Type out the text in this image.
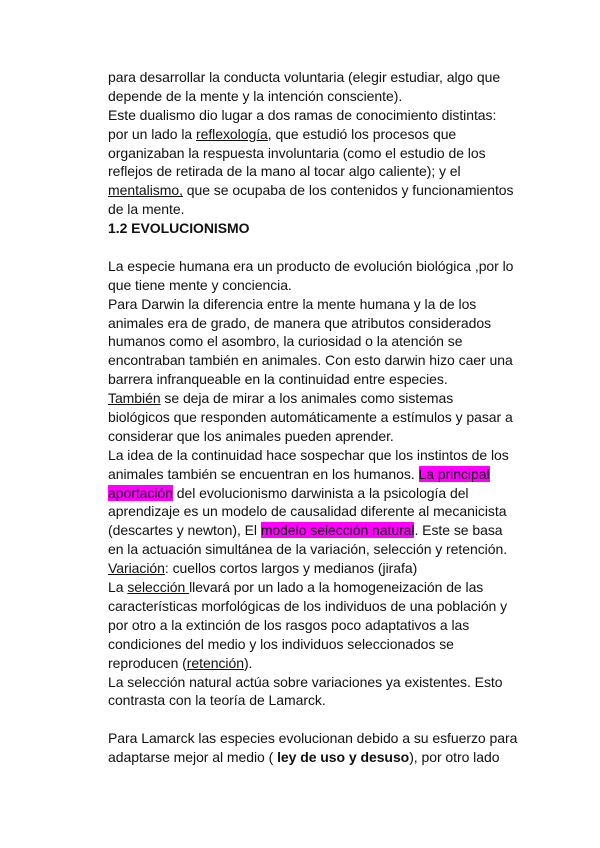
para desarrollar la conducta voluntaria (elegir estudiar, algo que
depende de la mente y la intención consciente).
Este dualismo dio lugar a dos ramas de conocimiento distintas:
por un lado la reflexología, que estudió los procesos que
organizaban la respuesta involuntaria (como el estudio de los
reflejos de retirada de la mano al tocar algo caliente); y el
mentalismo, que se ocupaba de los contenidos y funcionamientos
de la mente.
1.2 EVOLUCIONISMO
La especie humana era un producto de evolución biológica ,por lo
que tiene mente y conciencia.
Para Darwin la diferencia entre la mente humana y la de los
animales era de grado, de manera que atributos considerados
humanos como el asombro, la curiosidad o la atención se
encontraban también en animales. Con esto darwin hizo caer una
barrera infranqueable en la continuidad entre especies.
También se deja de mirar a los animales como sistemas
biológicos que responden automáticamente a estímulos y pasar a
considerar que los animales pueden aprender.
La idea de la continuidad hace sospechar que los instintos de los
animales también se encuentran en los humanos. La principal
aportación del evolucionismo darwinista a la psicología del
aprendizaje es un modelo de causalidad diferente al mecanicista
(descartes y newton), El modelo selección natural. Este se basa
en la actuación simultánea de la variación, selección y retención.
Variación: cuellos cortos largos y medianos (jirafa)
La selección llevará por un lado a la homogeneización de las
características morfológicas de los individuos de una población y
por otro a la extinción de los rasgos poco adaptativos a las
condiciones del medio y los individuos seleccionados se
reproducen (retención).
La selección natural actúa sobre variaciones ya existentes. Esto
contrasta con la teoría de Lamarck.
Para Lamarck las especies evolucionan debido a su esfuerzo para
adaptarse mejor al medio ( ley de uso y desuso), por otro lado
